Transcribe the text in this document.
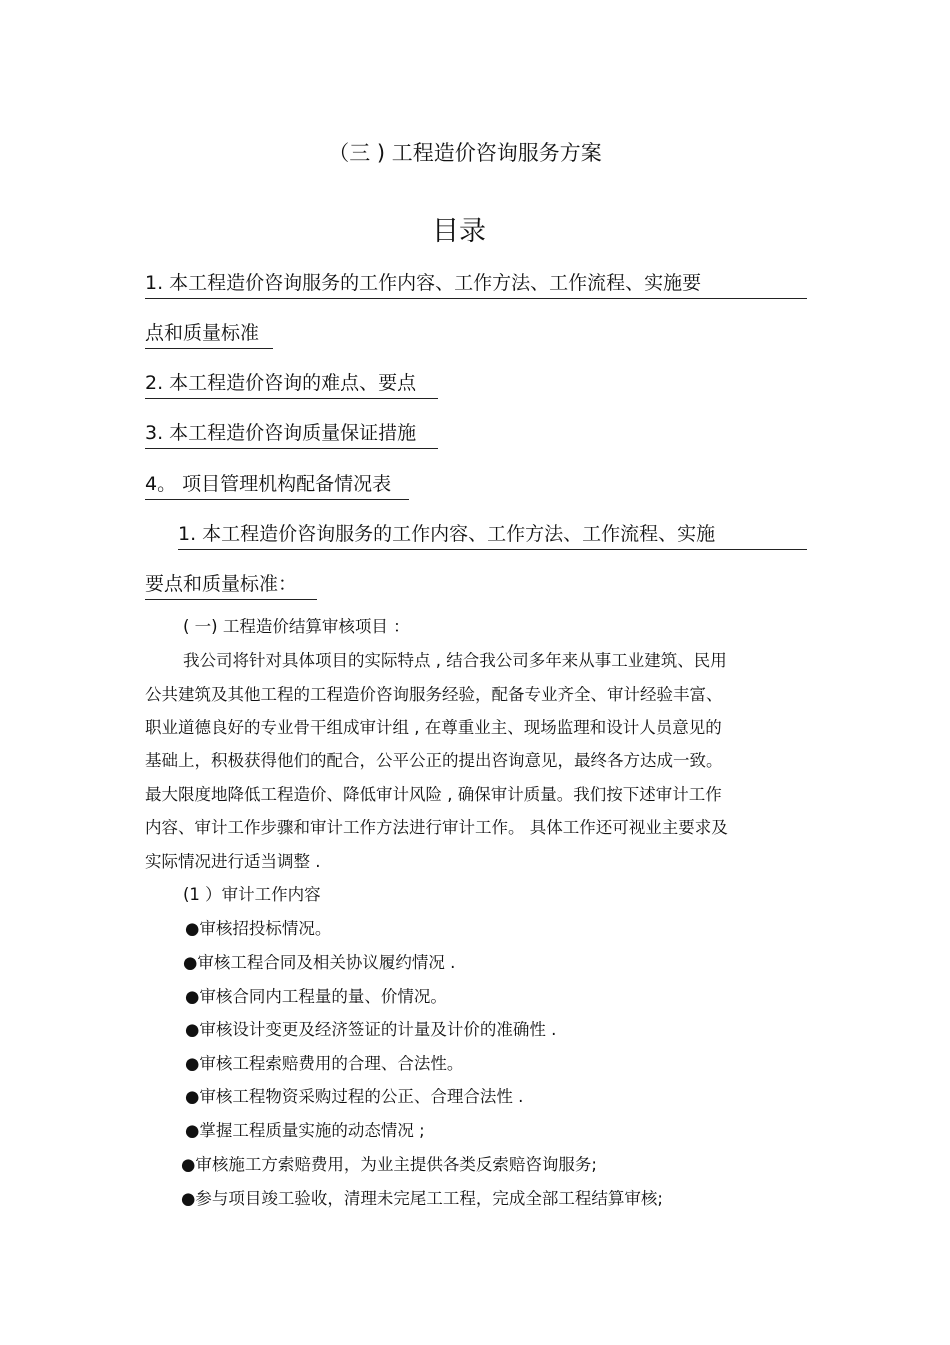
（三 ) 工程造价咨询服务方案
目录
1. 本工程造价咨询服务的工作内容、工作方法、工作流程、实施要
点和质量标准
2. 本工程造价咨询的难点、要点
3. 本工程造价咨询质量保证措施
4。 项目管理机构配备情况表
1. 本工程造价咨询服务的工作内容、工作方法、工作流程、实施
要点和质量标准：
( 一) 工程造价结算审核项目 ：
我公司将针对具体项目的实际特点 , 结合我公司多年来从事工业建筑、民用
公共建筑及其他工程的工程造价咨询服务经验，配备专业齐全、审计经验丰富、
职业道德良好的专业骨干组成审计组 , 在尊重业主、现场监理和设计人员意见的
基础上，积极获得他们的配合，公平公正的提出咨询意见，最终各方达成一致。
最大限度地降低工程造价、降低审计风险 , 确保审计质量。我们按下述审计工作
内容、审计工作步骤和审计工作方法进行审计工作。 具体工作还可视业主要求及
实际情况进行适当调整 .
(1 ）审计工作内容
●审核招投标情况。
●审核工程合同及相关协议履约情况 .
●审核合同内工程量的量、价情况。
●审核设计变更及经济签证的计量及计价的准确性 .
●审核工程索赔费用的合理、合法性。
●审核工程物资采购过程的公正、合理合法性 .
●掌握工程质量实施的动态情况 ;
●审核施工方索赔费用，为业主提供各类反索赔咨询服务;
●参与项目竣工验收，清理未完尾工工程，完成全部工程结算审核;
